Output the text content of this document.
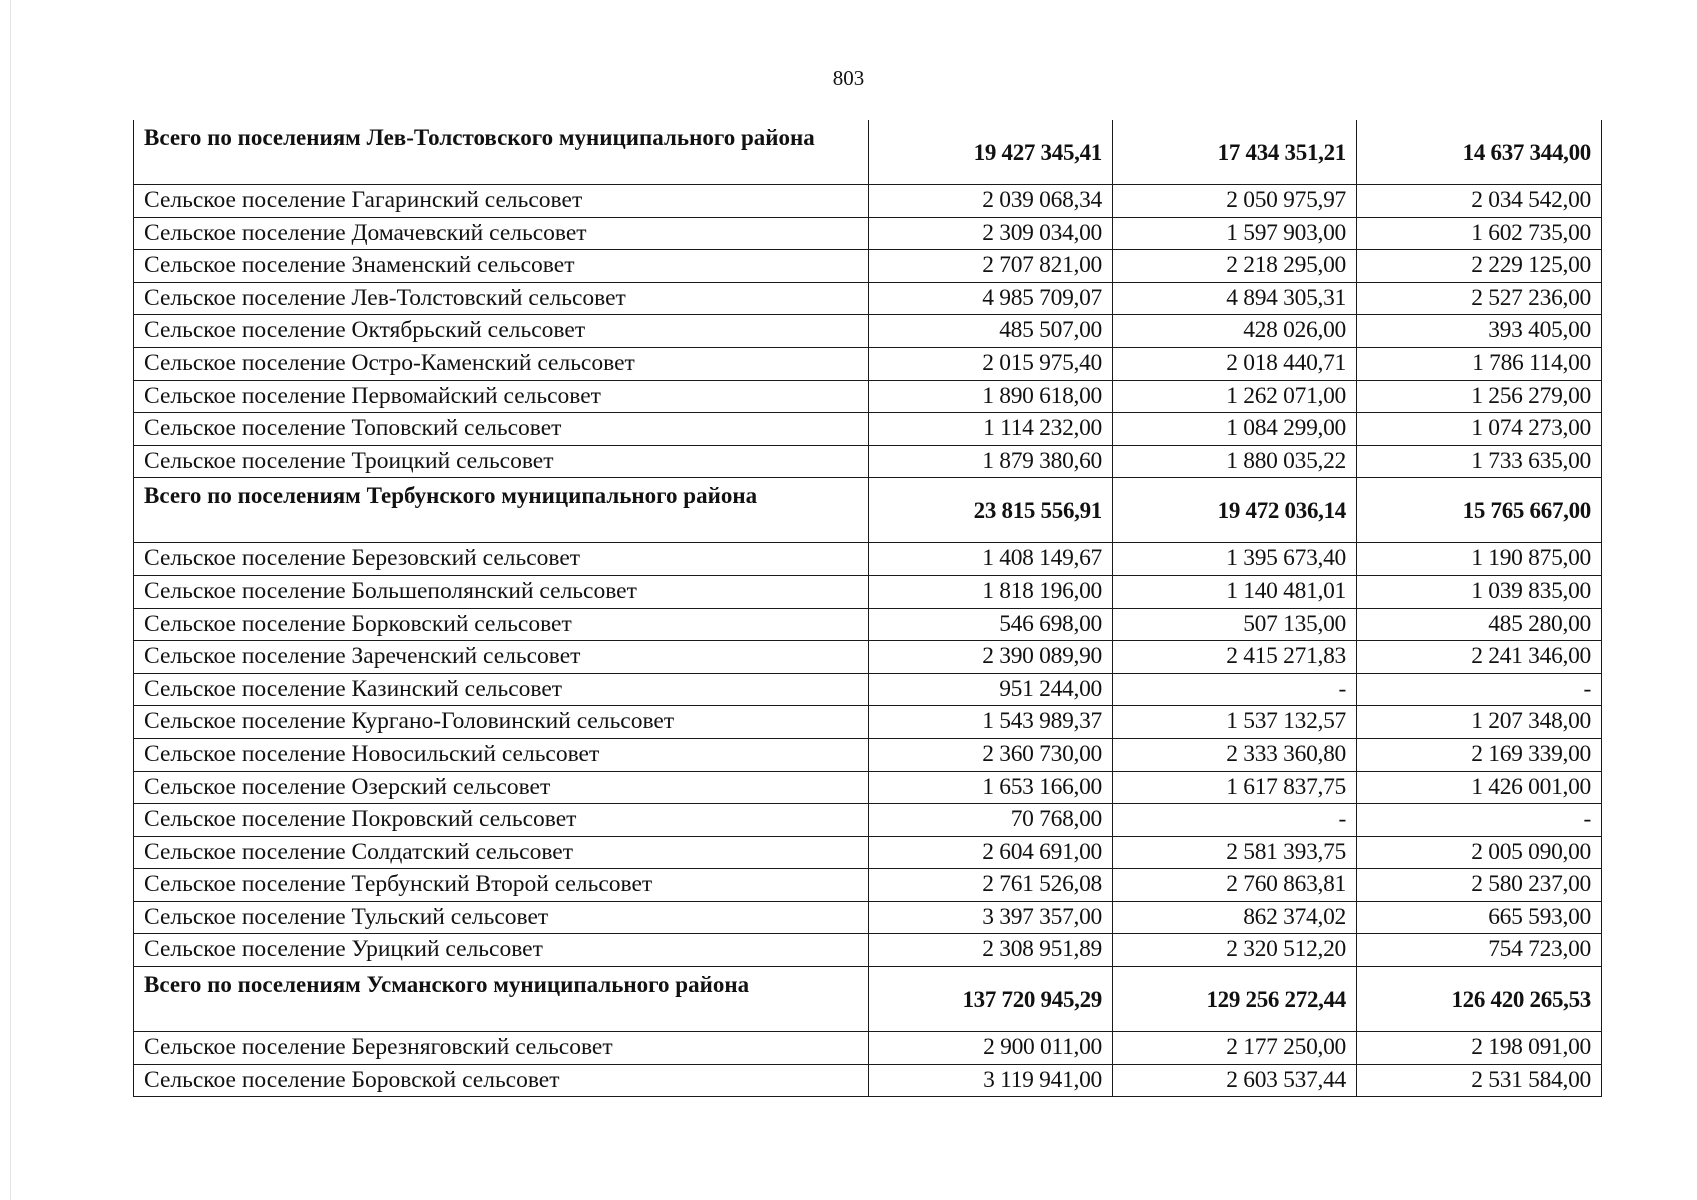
803
Всего по поселениям Лев-Толстовского муниципального района	19 427 345,41	17 434 351,21	14 637 344,00
Сельское поселение Гагаринский сельсовет	2 039 068,34	2 050 975,97	2 034 542,00
Сельское поселение Домачевский сельсовет	2 309 034,00	1 597 903,00	1 602 735,00
Сельское поселение Знаменский сельсовет	2 707 821,00	2 218 295,00	2 229 125,00
Сельское поселение Лев-Толстовский сельсовет	4 985 709,07	4 894 305,31	2 527 236,00
Сельское поселение Октябрьский сельсовет	485 507,00	428 026,00	393 405,00
Сельское поселение Остро-Каменский сельсовет	2 015 975,40	2 018 440,71	1 786 114,00
Сельское поселение Первомайский сельсовет	1 890 618,00	1 262 071,00	1 256 279,00
Сельское поселение Топовский сельсовет	1 114 232,00	1 084 299,00	1 074 273,00
Сельское поселение Троицкий сельсовет	1 879 380,60	1 880 035,22	1 733 635,00
Всего по поселениям Тербунского муниципального района	23 815 556,91	19 472 036,14	15 765 667,00
Сельское поселение Березовский сельсовет	1 408 149,67	1 395 673,40	1 190 875,00
Сельское поселение Большеполянский сельсовет	1 818 196,00	1 140 481,01	1 039 835,00
Сельское поселение Борковский сельсовет	546 698,00	507 135,00	485 280,00
Сельское поселение Зареченский сельсовет	2 390 089,90	2 415 271,83	2 241 346,00
Сельское поселение Казинский сельсовет	951 244,00	-	-
Сельское поселение Кургано-Головинский сельсовет	1 543 989,37	1 537 132,57	1 207 348,00
Сельское поселение Новосильский сельсовет	2 360 730,00	2 333 360,80	2 169 339,00
Сельское поселение Озерский сельсовет	1 653 166,00	1 617 837,75	1 426 001,00
Сельское поселение Покровский сельсовет	70 768,00	-	-
Сельское поселение Солдатский сельсовет	2 604 691,00	2 581 393,75	2 005 090,00
Сельское поселение Тербунский Второй сельсовет	2 761 526,08	2 760 863,81	2 580 237,00
Сельское поселение Тульский сельсовет	3 397 357,00	862 374,02	665 593,00
Сельское поселение Урицкий сельсовет	2 308 951,89	2 320 512,20	754 723,00
Всего по поселениям Усманского муниципального района	137 720 945,29	129 256 272,44	126 420 265,53
Сельское поселение Березняговский сельсовет	2 900 011,00	2 177 250,00	2 198 091,00
Сельское поселение Боровской сельсовет	3 119 941,00	2 603 537,44	2 531 584,00
